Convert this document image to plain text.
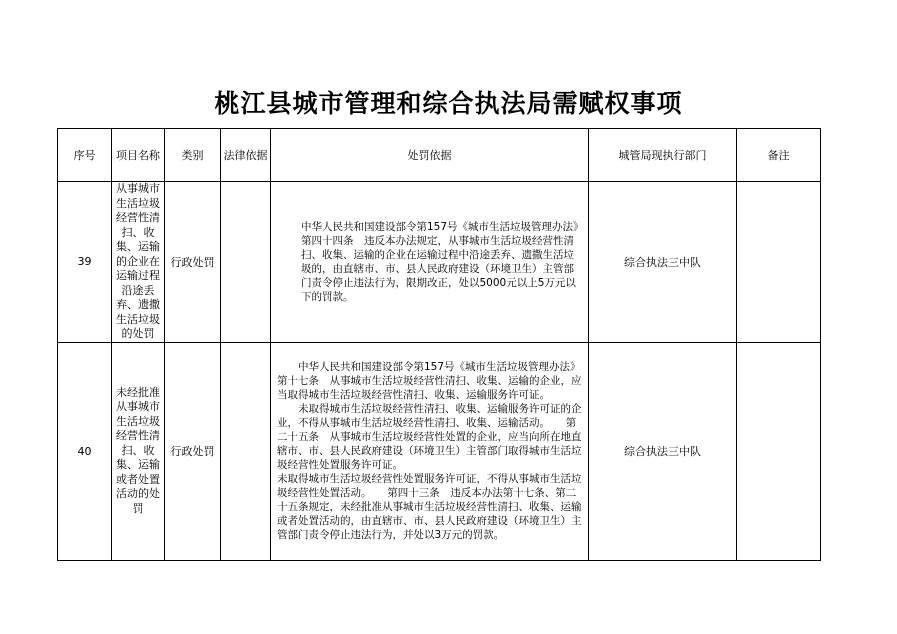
桃江县城市管理和综合执法局需赋权事项
序号	项目名称	类别	法律依据	处罚依据	城管局现执行部门	备注
39	从事城市生活垃圾经营性清扫、收集、运输的企业在运输过程沿途丢弃、遗撒生活垃圾的处罚	行政处罚		中华人民共和国建设部令第157号《城市生活垃圾管理办法》第四十四条　违反本办法规定，从事城市生活垃圾经营性清扫、收集、运输的企业在运输过程中沿途丢弃、遗撒生活垃圾的，由直辖市、市、县人民政府建设（环境卫生）主管部门责令停止违法行为，限期改正，处以5000元以上5万元以下的罚款。	综合执法三中队	
40	未经批准从事城市生活垃圾经营性清扫、收集、运输或者处置活动的处罚	行政处罚		中华人民共和国建设部令第157号《城市生活垃圾管理办法》第十七条　从事城市生活垃圾经营性清扫、收集、运输的企业，应当取得城市生活垃圾经营性清扫、收集、运输服务许可证。

未取得城市生活垃圾经营性清扫、收集、运输服务许可证的企业，不得从事城市生活垃圾经营性清扫、收集、运输活动。　　第二十五条　从事城市生活垃圾经营性处置的企业，应当向所在地直辖市、市、县人民政府建设（环境卫生）主管部门取得城市生活垃圾经营性处置服务许可证。

未取得城市生活垃圾经营性处置服务许可证，不得从事城市生活垃圾经营性处置活动。　　第四十三条　违反本办法第十七条、第二十五条规定，未经批准从事城市生活垃圾经营性清扫、收集、运输或者处置活动的，由直辖市、市、县人民政府建设（环境卫生）主管部门责令停止违法行为，并处以3万元的罚款。	综合执法三中队	
